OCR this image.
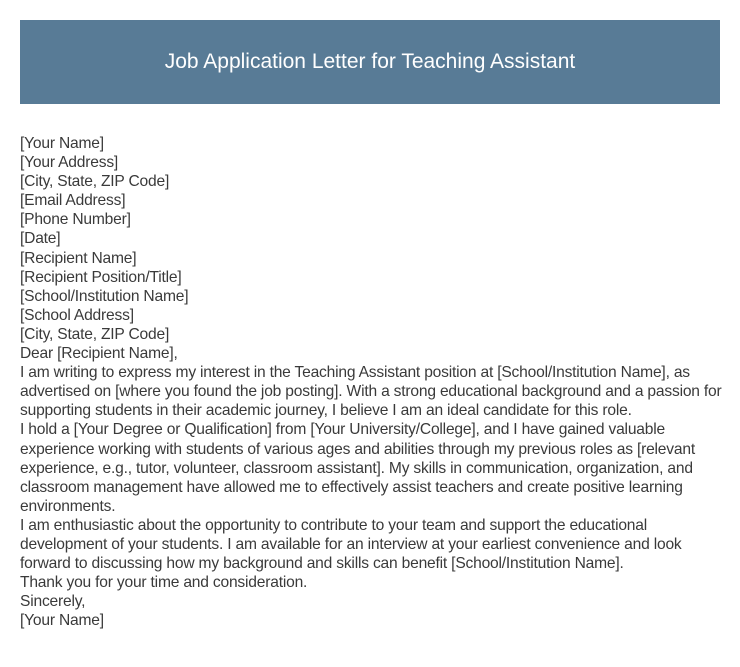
Job Application Letter for Teaching Assistant

[Your Name]

[Your Address]

[City, State, ZIP Code]

[Email Address]

[Phone Number]

[Date]

[Recipient Name]

[Recipient Position/Title]

[School/Institution Name]

[School Address]

[City, State, ZIP Code]

Dear [Recipient Name],

I am writing to express my interest in the Teaching Assistant position at [School/Institution Name], as advertised on [where you found the job posting]. With a strong educational background and a passion for supporting students in their academic journey, I believe I am an ideal candidate for this role.

I hold a [Your Degree or Qualification] from [Your University/College], and I have gained valuable experience working with students of various ages and abilities through my previous roles as [relevant experience, e.g., tutor, volunteer, classroom assistant]. My skills in communication, organization, and classroom management have allowed me to effectively assist teachers and create positive learning environments.

I am enthusiastic about the opportunity to contribute to your team and support the educational development of your students. I am available for an interview at your earliest convenience and look forward to discussing how my background and skills can benefit [School/Institution Name].

Thank you for your time and consideration.

Sincerely,

[Your Name]
